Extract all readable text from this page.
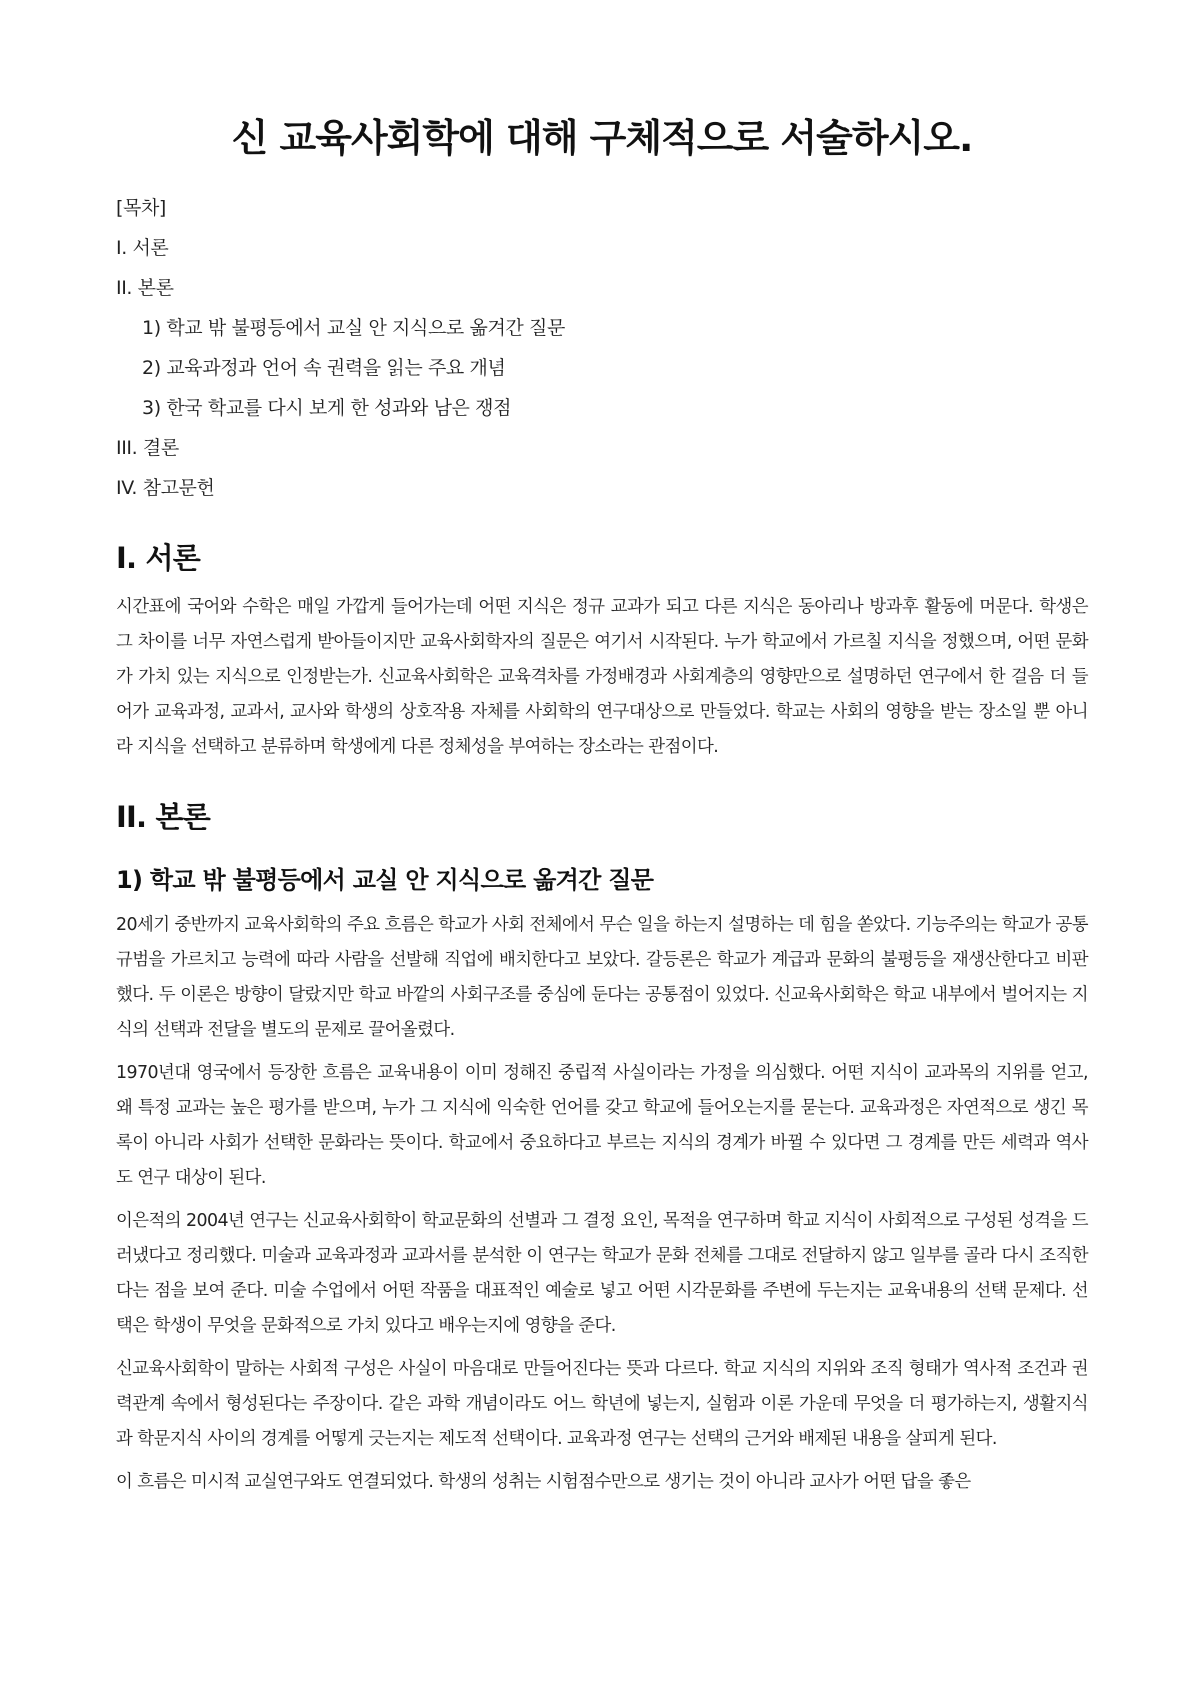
신 교육사회학에 대해 구체적으로 서술하시오.
[목차]
I. 서론
II. 본론
1) 학교 밖 불평등에서 교실 안 지식으로 옮겨간 질문
2) 교육과정과 언어 속 권력을 읽는 주요 개념
3) 한국 학교를 다시 보게 한 성과와 남은 쟁점
III. 결론
IV. 참고문헌
I. 서론

시간표에 국어와 수학은 매일 가깝게 들어가는데 어떤 지식은 정규 교과가 되고 다른 지식은 동아리나 방과후 활동에 머문다. 학생은 그 차이를 너무 자연스럽게 받아들이지만 교육사회학자의 질문은 여기서 시작된다. 누가 학교에서 가르칠 지식을 정했으며, 어떤 문화가 가치 있는 지식으로 인정받는가. 신교육사회학은 교육격차를 가정배경과 사회계층의 영향만으로 설명하던 연구에서 한 걸음 더 들어가 교육과정, 교과서, 교사와 학생의 상호작용 자체를 사회학의 연구대상으로 만들었다. 학교는 사회의 영향을 받는 장소일 뿐 아니라 지식을 선택하고 분류하며 학생에게 다른 정체성을 부여하는 장소라는 관점이다.

II. 본론
1) 학교 밖 불평등에서 교실 안 지식으로 옮겨간 질문

20세기 중반까지 교육사회학의 주요 흐름은 학교가 사회 전체에서 무슨 일을 하는지 설명하는 데 힘을 쏟았다. 기능주의는 학교가 공통 규범을 가르치고 능력에 따라 사람을 선발해 직업에 배치한다고 보았다. 갈등론은 학교가 계급과 문화의 불평등을 재생산한다고 비판했다. 두 이론은 방향이 달랐지만 학교 바깥의 사회구조를 중심에 둔다는 공통점이 있었다. 신교육사회학은 학교 내부에서 벌어지는 지식의 선택과 전달을 별도의 문제로 끌어올렸다.

1970년대 영국에서 등장한 흐름은 교육내용이 이미 정해진 중립적 사실이라는 가정을 의심했다. 어떤 지식이 교과목의 지위를 얻고, 왜 특정 교과는 높은 평가를 받으며, 누가 그 지식에 익숙한 언어를 갖고 학교에 들어오는지를 묻는다. 교육과정은 자연적으로 생긴 목록이 아니라 사회가 선택한 문화라는 뜻이다. 학교에서 중요하다고 부르는 지식의 경계가 바뀔 수 있다면 그 경계를 만든 세력과 역사도 연구 대상이 된다.

이은적의 2004년 연구는 신교육사회학이 학교문화의 선별과 그 결정 요인, 목적을 연구하며 학교 지식이 사회적으로 구성된 성격을 드러냈다고 정리했다. 미술과 교육과정과 교과서를 분석한 이 연구는 학교가 문화 전체를 그대로 전달하지 않고 일부를 골라 다시 조직한다는 점을 보여 준다. 미술 수업에서 어떤 작품을 대표적인 예술로 넣고 어떤 시각문화를 주변에 두는지는 교육내용의 선택 문제다. 선택은 학생이 무엇을 문화적으로 가치 있다고 배우는지에 영향을 준다.

신교육사회학이 말하는 사회적 구성은 사실이 마음대로 만들어진다는 뜻과 다르다. 학교 지식의 지위와 조직 형태가 역사적 조건과 권력관계 속에서 형성된다는 주장이다. 같은 과학 개념이라도 어느 학년에 넣는지, 실험과 이론 가운데 무엇을 더 평가하는지, 생활지식과 학문지식 사이의 경계를 어떻게 긋는지는 제도적 선택이다. 교육과정 연구는 선택의 근거와 배제된 내용을 살피게 된다.

이 흐름은 미시적 교실연구와도 연결되었다. 학생의 성취는 시험점수만으로 생기는 것이 아니라 교사가 어떤 답을 좋은
